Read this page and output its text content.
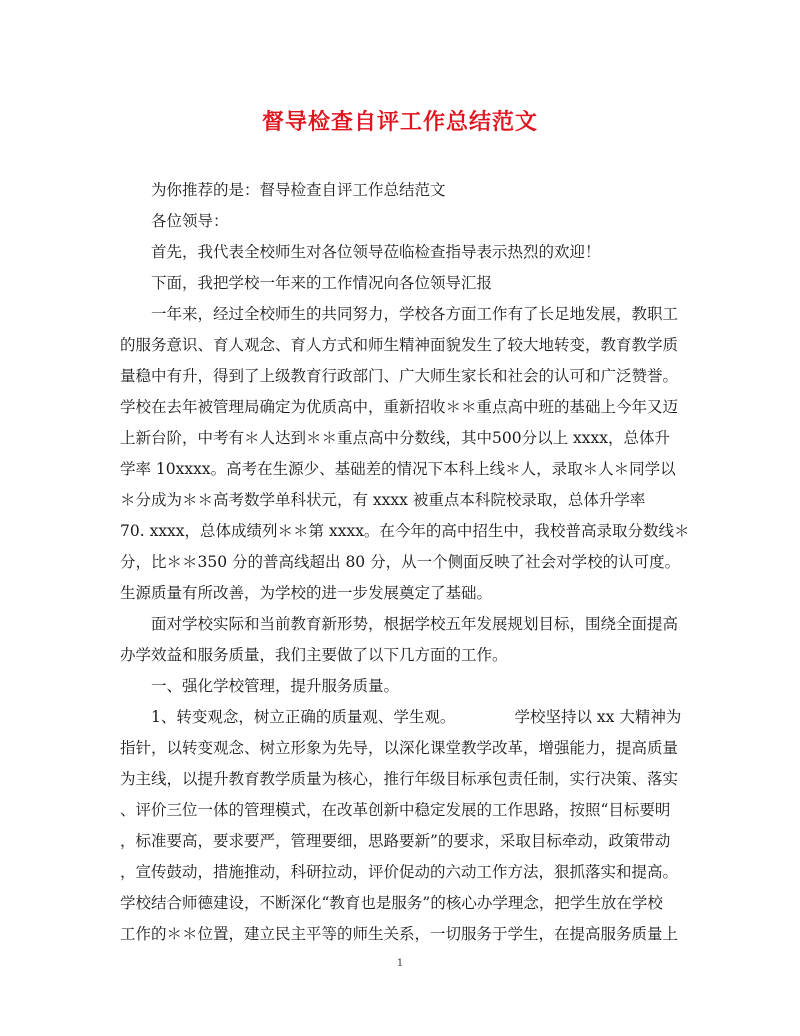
督导检查自评工作总结范文
为你推荐的是：督导检查自评工作总结范文
各位领导：
首先，我代表全校师生对各位领导莅临检查指导表示热烈的欢迎！
下面，我把学校一年来的工作情况向各位领导汇报
一年来，经过全校师生的共同努力，学校各方面工作有了长足地发展，教职工
的服务意识、育人观念、育人方式和师生精神面貌发生了较大地转变，教育教学质
量稳中有升，得到了上级教育行政部门、广大师生家长和社会的认可和广泛赞誉。
学校在去年被管理局确定为优质高中，重新招收＊＊重点高中班的基础上今年又迈
上新台阶，中考有＊人达到＊＊重点高中分数线，其中500分以上 xxxx，总体升
学率 10xxxx。高考在生源少、基础差的情况下本科上线＊人，录取＊人＊同学以
＊分成为＊＊高考数学单科状元，有 xxxx 被重点本科院校录取，总体升学率
70. xxxx，总体成绩列＊＊第 xxxx。在今年的高中招生中，我校普高录取分数线＊
分，比＊＊350 分的普高线超出 80 分，从一个侧面反映了社会对学校的认可度。
生源质量有所改善，为学校的进一步发展奠定了基础。
面对学校实际和当前教育新形势，根据学校五年发展规划目标，围绕全面提高
办学效益和服务质量，我们主要做了以下几方面的工作。
一、强化学校管理，提升服务质量。
1、转变观念，树立正确的质量观、学生观。            学校坚持以 xx 大精神为
指针，以转变观念、树立形象为先导，以深化课堂教学改革，增强能力，提高质量
为主线，以提升教育教学质量为核心，推行年级目标承包责任制，实行决策、落实
、评价三位一体的管理模式，在改革创新中稳定发展的工作思路，按照“目标要明
，标准要高，要求要严，管理要细，思路要新”的要求，采取目标牵动，政策带动
，宣传鼓动，措施推动，科研拉动，评价促动的六动工作方法，狠抓落实和提高。
学校结合师德建设，不断深化“教育也是服务”的核心办学理念，把学生放在学校
工作的＊＊位置，建立民主平等的师生关系，一切服务于学生，在提高服务质量上
1
